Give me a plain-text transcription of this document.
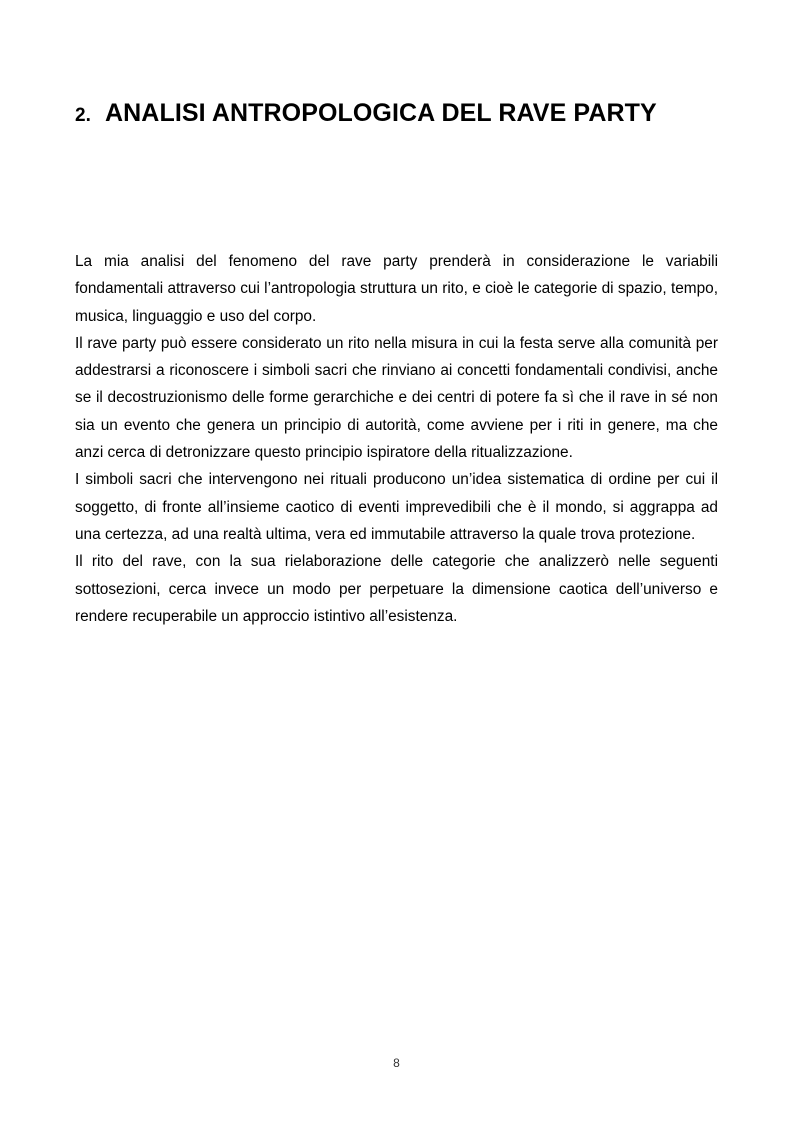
2. ANALISI ANTROPOLOGICA DEL RAVE PARTY

La mia analisi del fenomeno del rave party prenderà in considerazione le variabili fondamentali attraverso cui l’antropologia struttura un rito, e cioè le categorie di spazio, tempo, musica, linguaggio e uso del corpo.

Il rave party può essere considerato un rito nella misura in cui la festa serve alla comunità per addestrarsi a riconoscere i simboli sacri che rinviano ai concetti fondamentali condivisi, anche se il decostruzionismo delle forme gerarchiche e dei centri di potere fa sì che il rave in sé non sia un evento che genera un principio di autorità, come avviene per i riti in genere, ma che anzi cerca di detronizzare questo principio ispiratore della ritualizzazione.

I simboli sacri che intervengono nei rituali producono un’idea sistematica di ordine per cui il soggetto, di fronte all’insieme caotico di eventi imprevedibili che è il mondo, si aggrappa ad una certezza, ad una realtà ultima, vera ed immutabile attraverso la quale trova protezione.

Il rito del rave, con la sua rielaborazione delle categorie che analizzerò nelle seguenti sottosezioni, cerca invece un modo per perpetuare la dimensione caotica dell’universo e rendere recuperabile un approccio istintivo all’esistenza.

8
